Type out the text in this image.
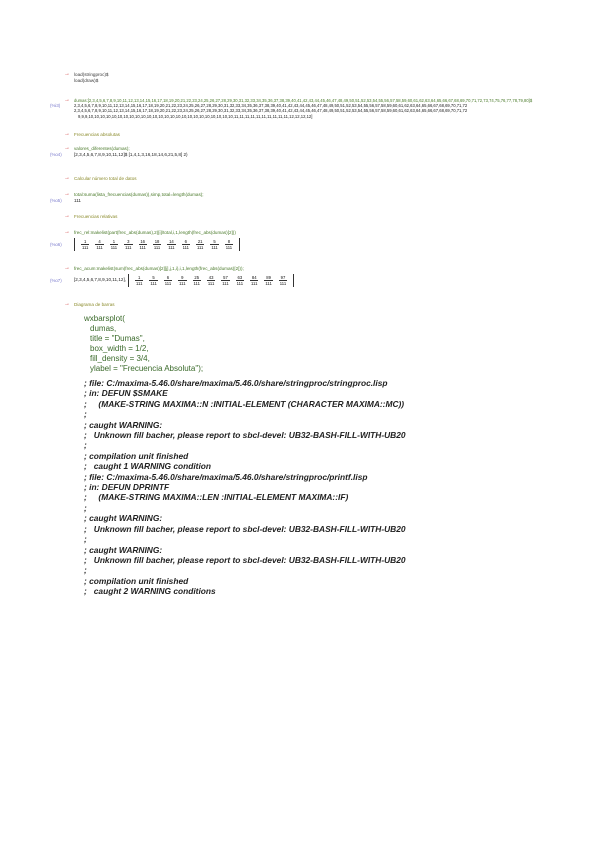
→ load(stringproc)$
load(draw)$
→
(%i3)
dumas:[2,3,4,5,6,7,8,9,10,11,12,13,14,15,16,17,18,19,20,21,22,23,24,25,26,27,28,29,30,31,32,33,34,35,36,37,38,39,40,41,42,43,44,45,46,47,48,49,50,51,52,53,54,55,56,57,58,59,60,61,62,63,64,65,66,67,68,69,70,71,72,73,74,75,76,77,78,79,80]$
2,3,4,5,6,7,8,9,10,11,12,13,14,15,16,17,18,19,20,21,22,23,24,25,26,27,28,29,30,31,32,33,34,35,36,37,38,39,40,41,42,43,44,45,46,47,48,49,50,51,52,53,54,55,56,57,58,59,60,61,62,63,64,65,66,67,68,69,70,71,72
2,3,4,5,6,7,8,9,10,11,12,13,14,15,16,17,18,19,20,21,22,23,24,25,26,27,28,29,30,31,32,33,34,35,36,37,38,39,40,41,42,43,44,45,46,47,48,49,50,51,52,53,54,55,56,57,58,59,60,61,62,63,64,65,66,67,68,69,70,71,72
9,9,9,10,10,10,10,10,10,10,10,10,10,10,10,10,10,10,10,10,10,10,10,10,10,10,10,10,11,11,11,11,11,11,11,11,11,11,12,12,12,12]
→ Frecuencias absolutas
→
(%o4)
valores_diferentes(dumas);
[2,3,4,5,6,7,8,9,10,11,12]$ [1,4,1,3,16,18,14,6,21,5,8] 2)
→ Calcular número total de datos
→
(%o5)
total:suma(lista_frecuencias(dumas)),simp,total=length(dumas);
111
→ Frecuencias relativas
→
(%o6)
frec_rel:makelist(part(frec_abs(dumas),2)[i]/total,i,1,length(frec_abs(dumas)[2]))
$\frac{1}{111} \frac{4}{111} \frac{1}{111} \frac{3}{111} \frac{16}{111} \frac{18}{111} \frac{14}{111} \frac{6}{111} \frac{21}{111} \frac{5}{111} \frac{8}{111}$
→
(%o7)
frec_acum:makelist(sum(frec_abs(dumas)[2][j],j,1,i),i,1,length(frec_abs(dumas)[2]));
[2,3,4,5,6,7,8,9,10,11,12], $\frac{1}{111} \frac{5}{111} \frac{6}{111} \frac{9}{111} \frac{25}{111} \frac{43}{111} \frac{57}{111} \frac{63}{111} \frac{84}{111} \frac{89}{111} \frac{97}{111}$
→ Diagrama de barras
wxbarsplot(
dumas,
title = "Dumas",
box_width = 1/2,
fill_density = 3/4,
ylabel = "Frecuencia Absoluta");
; file: C:/maxima-5.46.0/share/maxima/5.46.0/share/stringproc/stringproc.lisp
; in: DEFUN $SMAKE
;     (MAKE-STRING MAXIMA::N :INITIAL-ELEMENT (CHARACTER MAXIMA::MC))
;
; caught WARNING:
;   Unknown fill bacher, please report to sbcl-devel: UB32-BASH-FILL-WITH-UB20
;
; compilation unit finished
;   caught 1 WARNING condition
; file: C:/maxima-5.46.0/share/maxima/5.46.0/share/stringproc/printf.lisp
; in: DEFUN DPRINTF
;     (MAKE-STRING MAXIMA::LEN :INITIAL-ELEMENT MAXIMA::IF)
;
; caught WARNING:
;   Unknown fill bacher, please report to sbcl-devel: UB32-BASH-FILL-WITH-UB20
;
; caught WARNING:
;   Unknown fill bacher, please report to sbcl-devel: UB32-BASH-FILL-WITH-UB20
;
; compilation unit finished
;   caught 2 WARNING conditions
